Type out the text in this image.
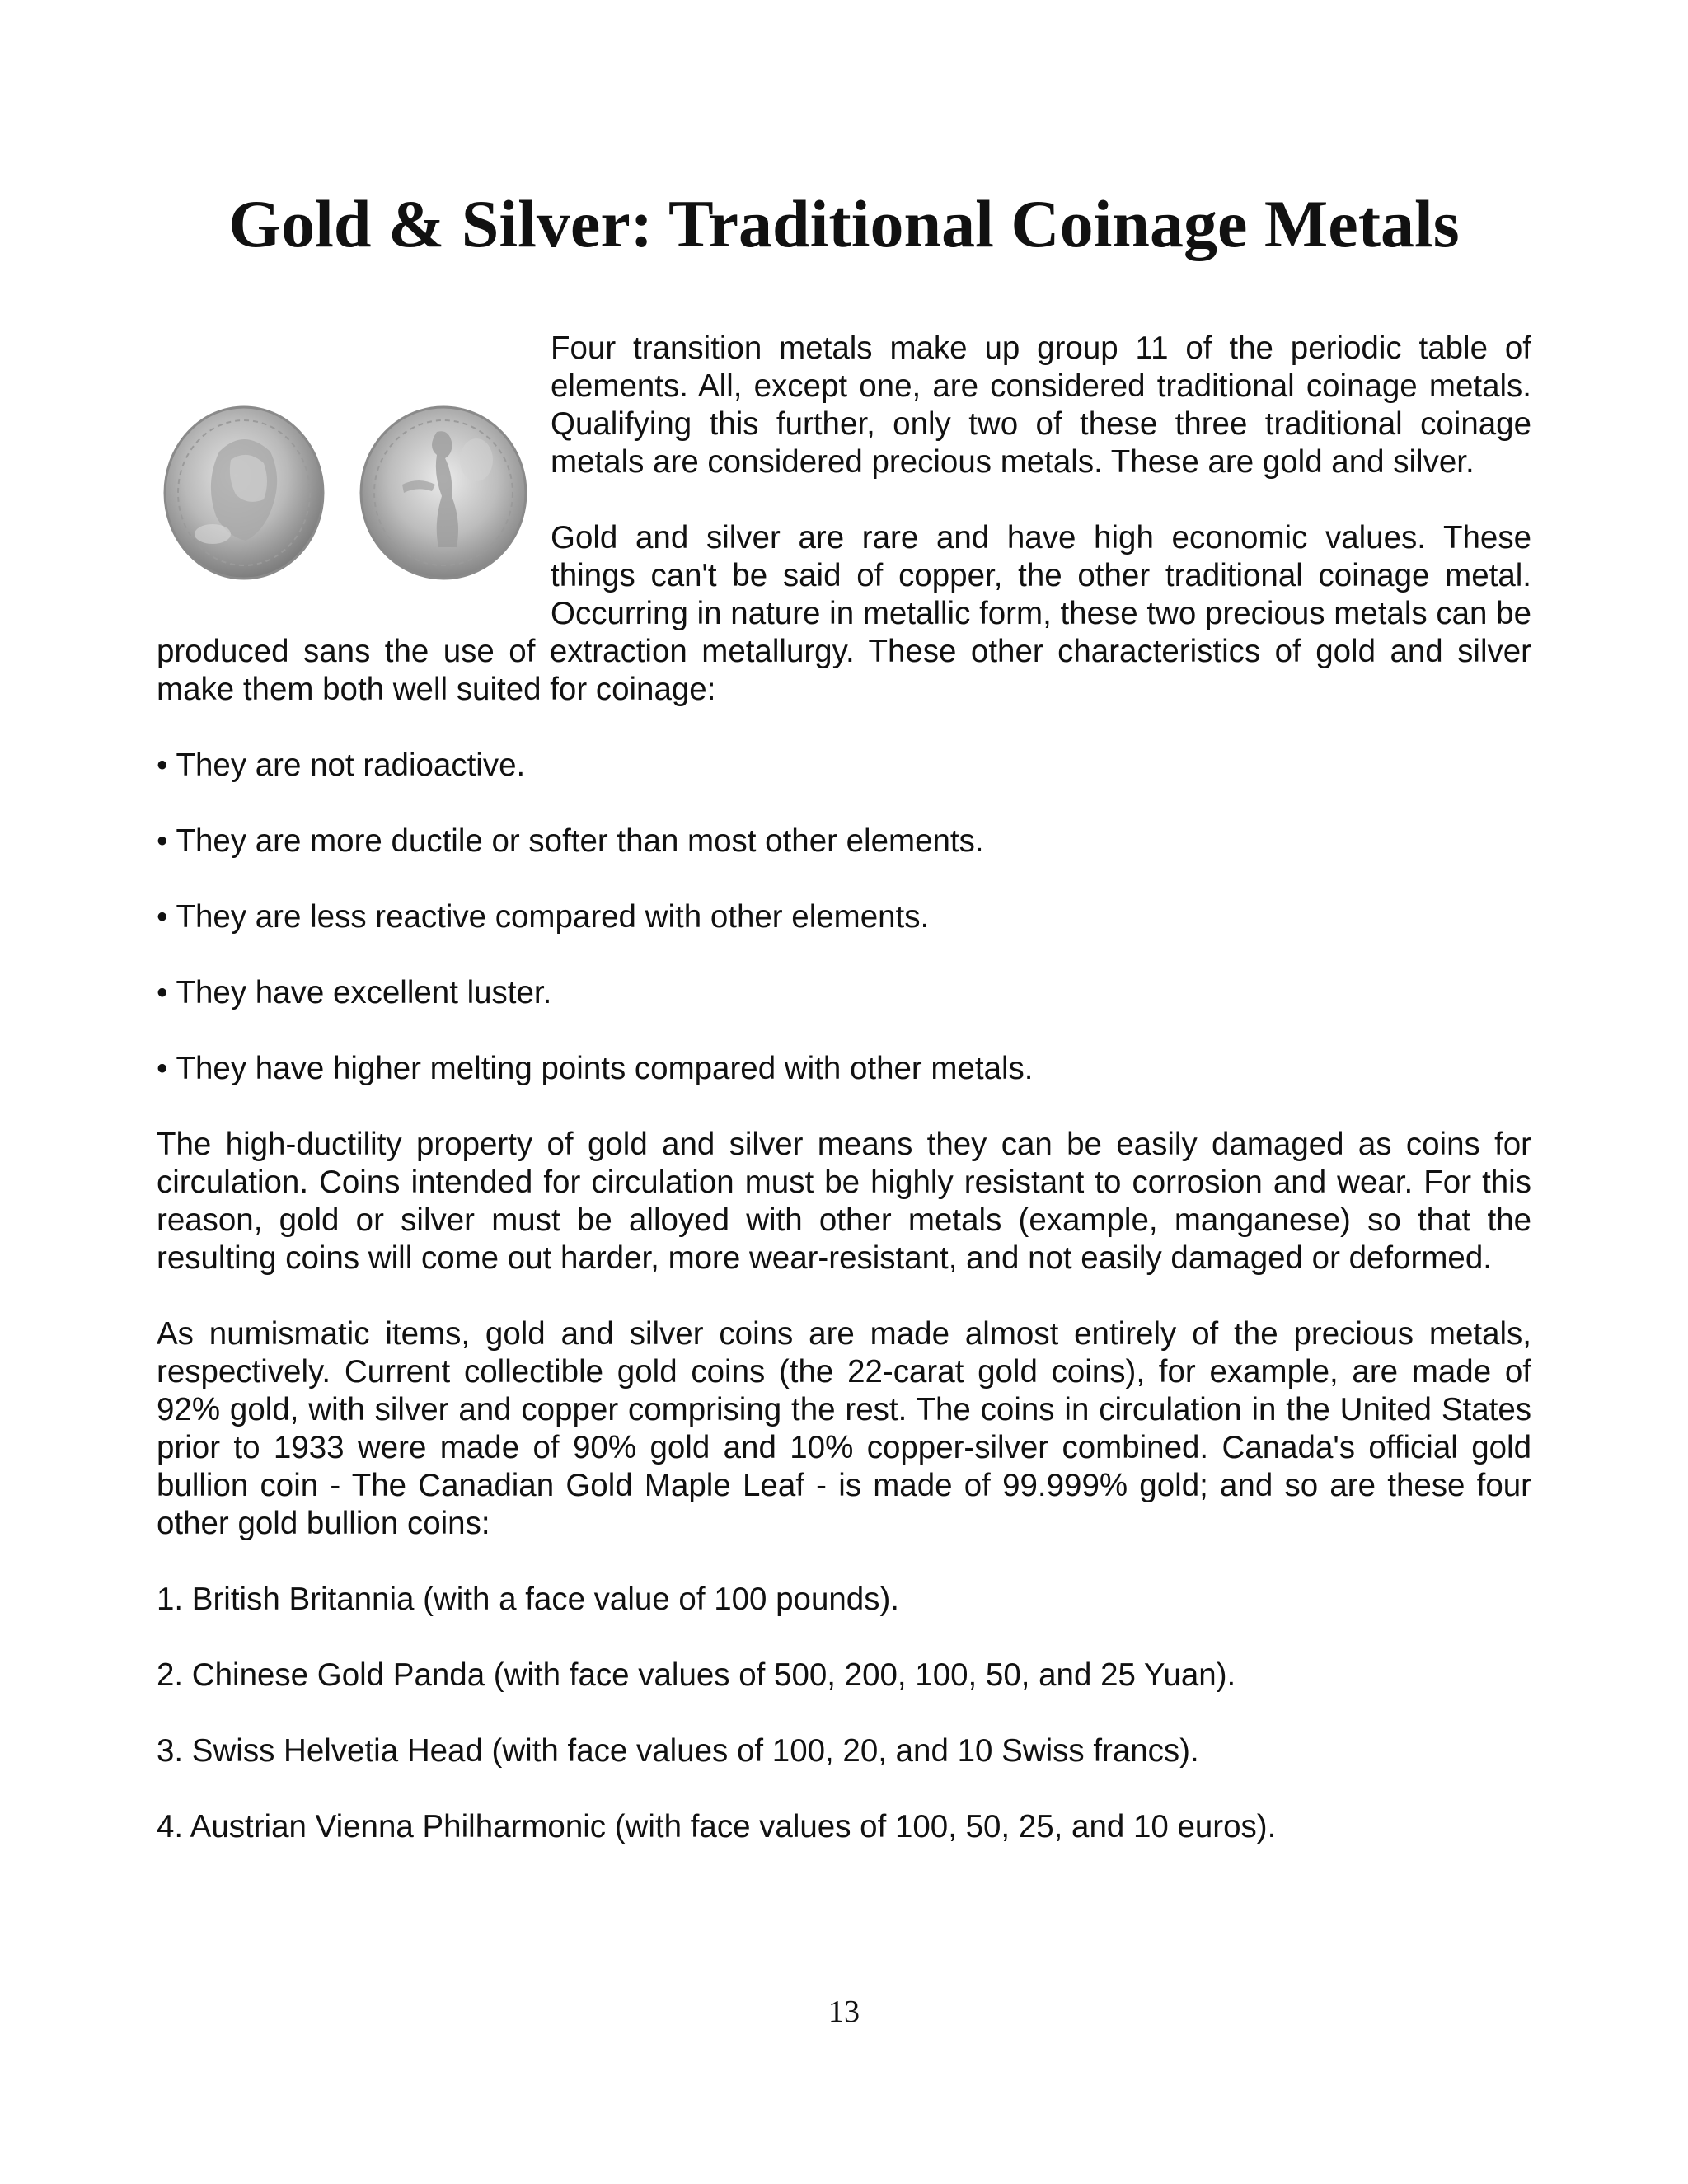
Gold & Silver: Traditional Coinage Metals

Four transition metals make up group 11 of the periodic table of elements. All, except one, are considered traditional coinage metals. Qualifying this further, only two of these three traditional coinage metals are considered precious metals. These are gold and silver.

Gold and silver are rare and have high economic values. These things can't be said of copper, the other traditional coinage metal. Occurring in nature in metallic form, these two precious metals can be produced sans the use of extraction metallurgy. These other characteristics of gold and silver make them both well suited for coinage:

• They are not radioactive.

• They are more ductile or softer than most other elements.

• They are less reactive compared with other elements.

• They have excellent luster.

• They have higher melting points compared with other metals.

The high-ductility property of gold and silver means they can be easily damaged as coins for circulation. Coins intended for circulation must be highly resistant to corrosion and wear. For this reason, gold or silver must be alloyed with other metals (example, manganese) so that the resulting coins will come out harder, more wear-resistant, and not easily damaged or deformed.

As numismatic items, gold and silver coins are made almost entirely of the precious metals, respectively. Current collectible gold coins (the 22-carat gold coins), for example, are made of 92% gold, with silver and copper comprising the rest. The coins in circulation in the United States prior to 1933 were made of 90% gold and 10% copper-silver combined. Canada's official gold bullion coin - The Canadian Gold Maple Leaf - is made of 99.999% gold; and so are these four other gold bullion coins:

1. British Britannia (with a face value of 100 pounds).

2. Chinese Gold Panda (with face values of 500, 200, 100, 50, and 25 Yuan).

3. Swiss Helvetia Head (with face values of 100, 20, and 10 Swiss francs).

4. Austrian Vienna Philharmonic (with face values of 100, 50, 25, and 10 euros).

13
